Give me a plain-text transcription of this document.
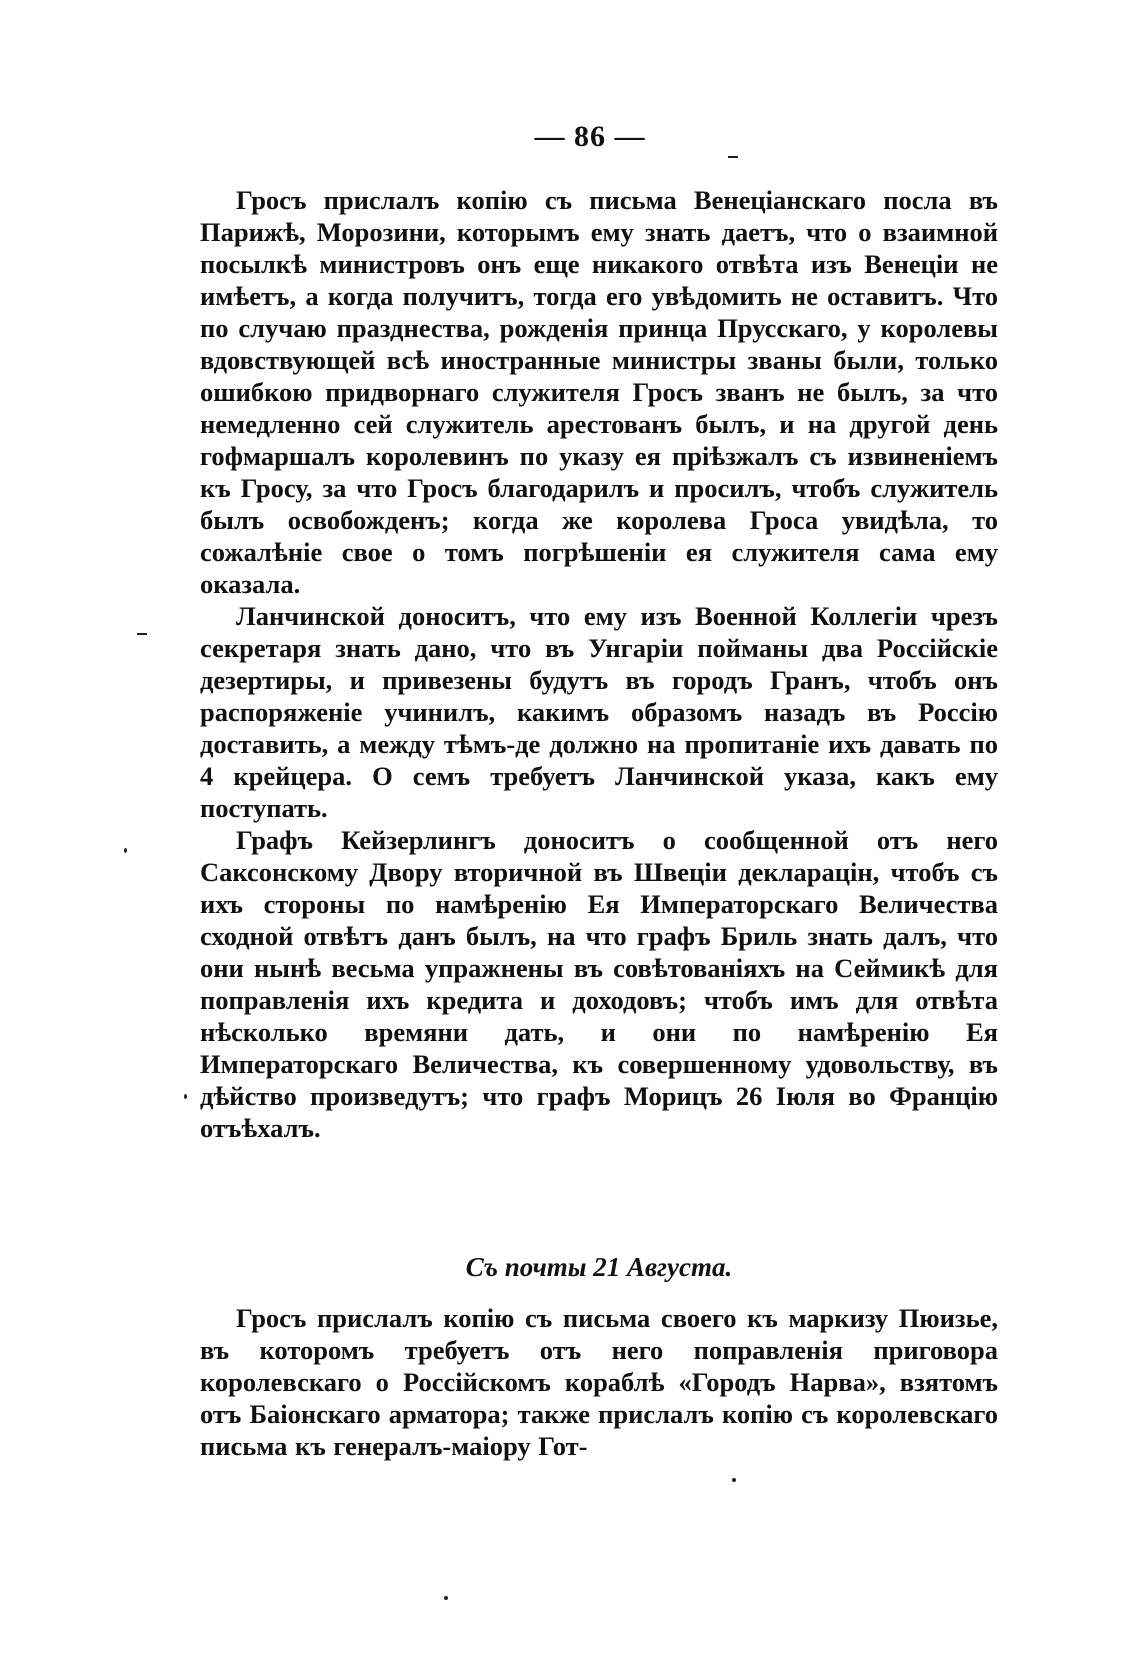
— 86 —

Гросъ прислалъ копію съ письма Венеціанскаго посла въ Парижѣ, Морозини, которымъ ему знать даетъ, что о взаимной посылкѣ министровъ онъ еще никакого отвѣта изъ Венеціи не имѣетъ, а когда получитъ, тогда его увѣдомить не оставитъ. Что по случаю празднества, рожденія принца Прусскаго, у королевы вдовствующей всѣ иностранные министры званы были, только ошибкою придворнаго служителя Гросъ званъ не былъ, за что немедленно сей служитель арестованъ былъ, и на другой день гофмаршалъ королевинъ по указу ея пріѣзжалъ съ извиненіемъ къ Гросу, за что Гросъ благодарилъ и просилъ, чтобъ служитель былъ освобожденъ; когда же королева Гроса увидѣла, то сожалѣніе свое о томъ погрѣшеніи ея служителя сама ему оказала.

Ланчинской доноситъ, что ему изъ Военной Коллегіи чрезъ секретаря знать дано, что въ Унгаріи пойманы два Россійскіе дезертиры, и привезены будутъ въ городъ Гранъ, чтобъ онъ распоряженіе учинилъ, какимъ образомъ назадъ въ Россію доставить, а между тѣмъ-де должно на пропитаніе ихъ давать по 4 крейцера. О семъ требуетъ Ланчинской указа, какъ ему поступать.

Графъ Кейзерлингъ доноситъ о сообщенной отъ него Саксонскому Двору вторичной въ Швеціи декларацін, чтобъ съ ихъ стороны по намѣренію Ея Императорскаго Величества сходной отвѣтъ данъ былъ, на что графъ Бриль знать далъ, что они нынѣ весьма упражнены въ совѣтованіяхъ на Сеймикѣ для поправленія ихъ кредита и доходовъ; чтобъ имъ для отвѣта нѣсколько времяни дать, и они по намѣренію Ея Императорскаго Величества, къ совершенному удовольству, въ дѣйство произведутъ; что графъ Морицъ 26 Іюля во Францію отъѣхалъ.

Съ почты 21 Августа.

Гросъ прислалъ копію съ письма своего къ маркизу Пюизье, въ которомъ требуетъ отъ него поправленія приговора королевскаго о Россійскомъ кораблѣ «Городъ Нарва», взятомъ отъ Баіонскаго арматора; также прислалъ копію съ королевскаго письма къ генералъ-маіору Гот-
